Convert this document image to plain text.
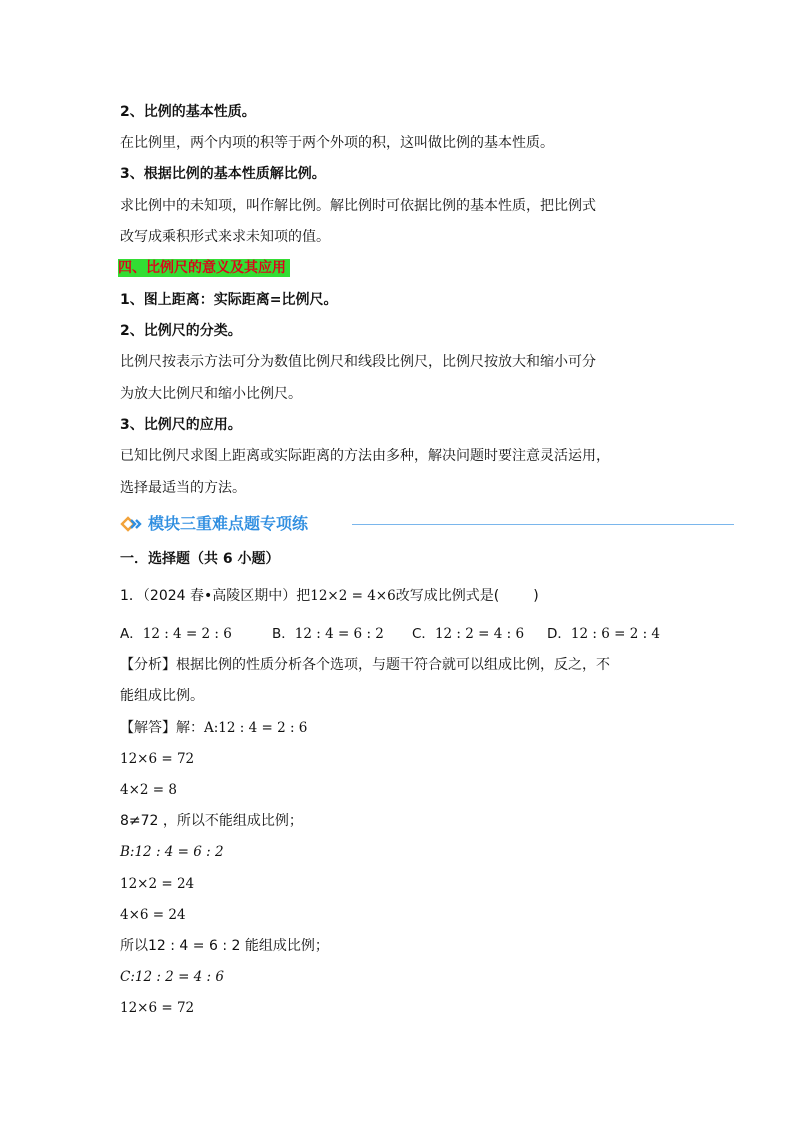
2、比例的基本性质。
在比例里，两个内项的积等于两个外项的积，这叫做比例的基本性质。
3、根据比例的基本性质解比例。
求比例中的未知项，叫作解比例。解比例时可依据比例的基本性质，把比例式
改写成乘积形式来求未知项的值。
四、比例尺的意义及其应用
1、图上距离：实际距离=比例尺。
2、比例尺的分类。
比例尺按表示方法可分为数值比例尺和线段比例尺，比例尺按放大和缩小可分
为放大比例尺和缩小比例尺。
3、比例尺的应用。
已知比例尺求图上距离或实际距离的方法由多种，解决问题时要注意灵活运用，
选择最适当的方法。
模块三重难点题专项练
一．选择题（共 6 小题）
1．（2024 春•高陵区期中）把12×2 = 4×6改写成比例式是( )
A．12 : 4 = 2 : 6	B．12 : 4 = 6 : 2 C．12 : 2 = 4 : 6 D．12 : 6 = 2 : 4
【分析】根据比例的性质分析各个选项，与题干符合就可以组成比例，反之，不
能组成比例。
【解答】解：A:12 : 4 = 2 : 6
12×6 = 72
4×2 = 8
8≠72 ，所以不能组成比例；
B:12 : 4 = 6 : 2
12×2 = 24
4×6 = 24
所以12 : 4 = 6 : 2 能组成比例；
C:12 : 2 = 4 : 6
12×6 = 72
